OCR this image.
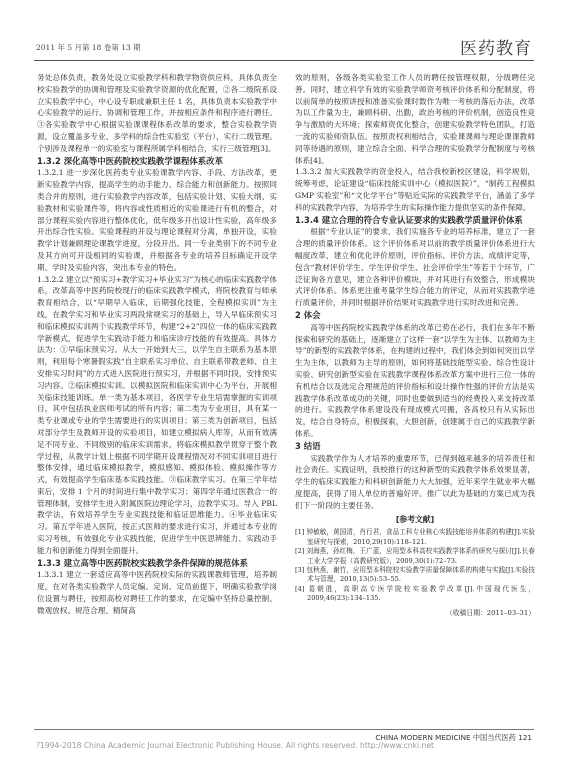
2011 年 5 月第 18 卷第 13 期	医药教育

务处总体负责，教务处设立实验教学科和教学物资供应科，具体负责全校实验教学的协调和管理及实验教学资源的优化配置，②各二级院系设立实验教学中心，中心设专职或兼职主任 1 名，具体负责本实验教学中心实验教学的运行、协调和管理工作，并按相应条件和程序进行聘任。③各实验教学中心根据实验课课程体系改革的要求，整合实验教学资源，设立覆盖多专业、多学科的综合性实验室（平台），实行二级管理。个别涉及课程单一的实验室与课程所属学科相结合，实行三级管理[3]。

1.3.2 深化高等中医药院校实践教学课程体系改革

1.3.2.1 进一步深化医药类专业实验课教学内容、手段、方法改革，更新实验教学内容，提高学生的动手能力、综合能力和创新能力。按照同类合并的原则，进行实验教学内容改革，包括实验计划、实验大纲、实验教材和实验课件等，将内容或性质相近的实验课进行有机的整合，对部分课程实验内容进行整体优化，低年级多开出设计性实验，高年级多开出综合性实验。实验课程的开设与理论课程对分离，单独开设，实验教学计划兼顾理论课教学进度，分段开出。同一专业类别下的不同专业及其方向可开设相同的实验课，并根据各专业的培养目标确定开设学期、学时及实验内容，突出本专业的特色。

1.3.2.2 建立以“预实习+教学实习+毕业实习”为核心的临床实践教学体系，改革高等中医药院校现行的临床实践教学模式，将院校教育与师承教育相结合，以“早期早入临床，后期强化技能，全程模拟实训”为主线，在教学实习和毕业实习两段常规实习的基础上，导入早临床预实习和临床模拟实训两个实践教学环节，构建“2+2”四位一体的临床实践教学新模式，促进学生实践动手能力和临床诊疗技能的有效提高。具体方法为：①早临床预实习。从大一开始到大三，以学生自主联系为基本原则，利用每个寒暑假实践“自主联系实习单位、自主联系带教老师、自主安排实习时间”的方式进入医院进行预实习，并根据不同时段，安排预实习内容。②临床模拟实训。以模拟医院和临床实训中心为平台，开展相关临床技能训练。单一类为基本项目，各医学专业生培需掌握的实训项目，其中包括执业医师考试的所有内容；第二类为专业项目，具有某一类专业课或专业的学生需要进行的实训项目；第三类为创新项目，包括对部分学生及教师开设的实验项目，如建立模拟病人库等，从而有效满足不同专业、不同级别的临床实训需求。将临床模拟教学贯穿于整个教学过程，从教学计划上根据不同学期开设课程情况对不同实训项目进行整体安排，通过临床模拟教学，模拟感知、模拟体验、模拟操作等方式，有效提高学生临床基本实践技能。③临床教学实习。在第三学年结束后，安排 1 个月的时间进行集中教学实习；第四学年通过医教合一的管理体制，安排学生进入附属医院边理论学习，边教学实习。导入 PBL 教学法，有效培养学生专业实践技能和临证思维能力。④毕业临床实习。第五学年进入医院，按正式医师的要求进行实习，并通过本专业的实习考核，有效强化专业实践技能，促进学生中医思辨能力、实践动手能力和创新能力得到全面提升。

1.3.3 建立高等中医药院校实践教学条件保障的规范体系

1.3.3.1 建立一套适应高等中医药院校实际的实践课教师管理，培养制度，在对各类实验教学人员定编、定岗、定员前提下，明确实验教学岗位设置与聘任，按照高校对聘任工作的要求，在定编中坚持总量控制、微观放权、规范合理、精简高

效的原则，各级各类实验室工作人员的聘任按管理权限，分级聘任完善。同时，建立科学有效的实验教学师资考核评价体系和分配制度，将以前简单的按照讲授和准备实验课时数作为唯一考核的落后办法，改革为以工作量为主，兼顾科研、出勤，政治考核的评价机制，创造良性竞争与激励的大环境；探索师资优化整合，创建实验教学特色团队，打造一流的实验师资队伍。按照责权利相结合，实验课课师与理论课课教师同等待遇的原则，建立综合全面、科学合理的实验教学分配制度与考核体系[4]。

1.3.3.2 加大实践教学的资金投入，结合我校新校区建设，科学规划，统筹考虑，论证建设“临床技能实训中心（模拟医院）”，“制药工程模拟 GMP 实验室”和“文化学平台”等贴近实际的实践教学平台，涵盖了多学科的实践教学内容，为培养学生的实际操作能力提供坚实的条件保障。

1.3.4 建立合理的符合专业认证要求的实践教学质量评价体系

根据“专业认证”的要求，我们实施各专业的培养标准，建立了一套合理的质量评价体系。这个评价体系对以前的教学质量评价体系进行大幅度改革，建立和优化评价原则，评价指标、评价方法、成绩评定等，包含“教材评价学生、学生评价学生、社会评价学生”等若干个环节，广泛征询各方意见，建立各种评价模块，并对其进行有效整合，形成模块式评价体系。体系更注重考量学生综合能力的评定，从而对实践教学进行质量评价，并同时根据评价结果对实践教学进行实时改进和完善。

2 体会

高等中医药院校实践教学体系的改革已势在必行，我们在多年不断探索和研究的基础上，逐渐建立了这样一套“以学生为主体、以教师为主导”的新型的实践教学体系，在构建的过程中，我们体会到如何突出以学生为主体，以教师为主导的原则，如何将基础技能型实验、综合性设计实验、研究创新型实验在实践教学课程体系改革方案中进行三位一体的有机结合以及选定合理规范的评价指标和设计操作性强的评价方法是实践教学体系改革成功的关键，同时也要做到适当的经费投入来支持改革的进行。实践教学体系建设没有现成模式可搬，各高校只有从实际出发，结合自身特点，积极探索，大胆创新，创建属于自己的实践教学新体系。

3 结语

实践教学作为人才培养的重要环节，已得到越来越多的培养责任和社会责任。实践证明，我校推行的这种新型的实践教学体系效果显著，学生的临床实践能力和科研创新能力大大加强，近年来学生就业率大幅度提高，获得了用人单位的普遍好评。推广以此为基础的方案已成为我们下一阶段的主要任务。

[参考文献]

[1] 钟敏敏，黄国清，肖行君，食品工科专业核心实践技能培养体系的构建[J].实验室研究与探索，2010,29(10):118–121.

[2] 刘海燕，孙红梅，王广蓝，应用型本科高校实践教学体系的研究与探讨[J].长春工业大学学报（高教研究版），2009,30(1):72–73.

[3] 包秋燕，谢竹，应用型本科院校实验教学质量保障体系的构建与实践[J].实验技术与管理，2010,13(5):53–55.

[4] 葛朝胜，高职高专医学院校实验教学改革[J].中国现代医生，2009,46(23):134–135.

（收稿日期：2011–03–31）

?1994-2018 China Academic Journal Electronic Publishing House. All rights reserved. http://www.cnki.net
CHINA MODERN MEDICINE 中国当代医药 121
